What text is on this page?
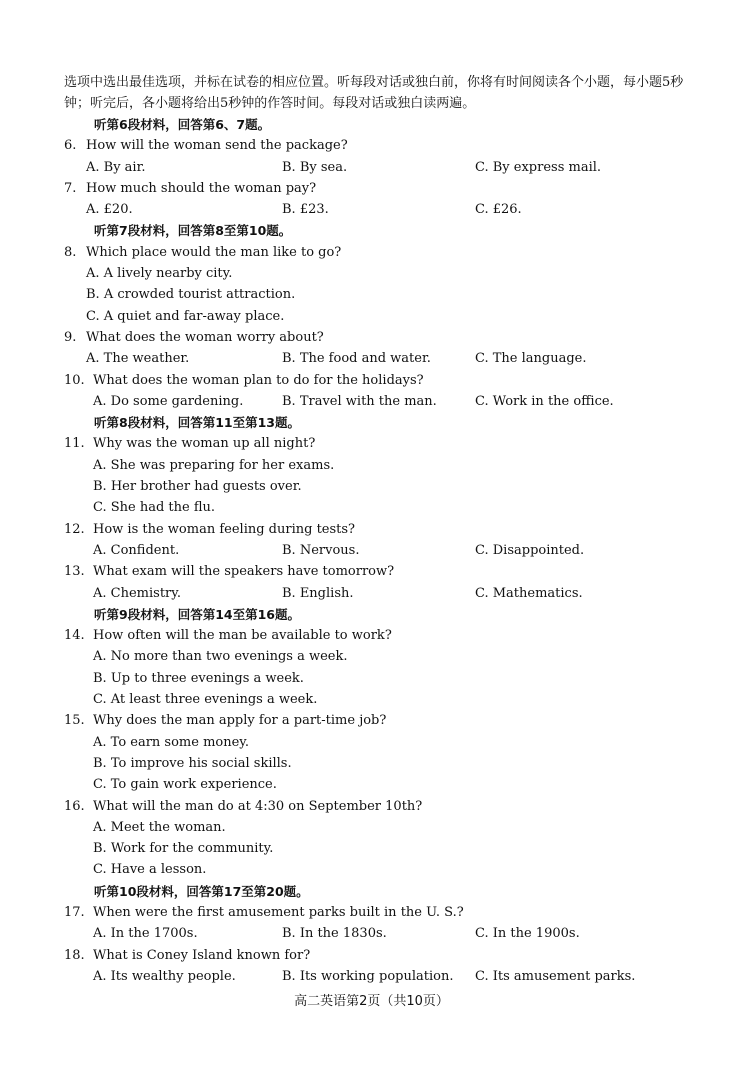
选项中选出最佳选项，并标在试卷的相应位置。听每段对话或独白前，你将有时间阅读各个小题，每小题5秒钟；听完后，各小题将给出5秒钟的作答时间。每段对话或独白读两遍。

听第6段材料，回答第6、7题。
6. How will the woman send the package?
A. By air.	B. By sea.	C. By express mail.
7. How much should the woman pay?
A. £20.	B. £23.	C. £26.
听第7段材料，回答第8至第10题。
8. Which place would the man like to go?
A. A lively nearby city.
B. A crowded tourist attraction.
C. A quiet and far-away place.
9. What does the woman worry about?
A. The weather.	B. The food and water.	C. The language.
10. What does the woman plan to do for the holidays?
A. Do some gardening.	B. Travel with the man.	C. Work in the office.
听第8段材料，回答第11至第13题。
11. Why was the woman up all night?
A. She was preparing for her exams.
B. Her brother had guests over.
C. She had the flu.
12. How is the woman feeling during tests?
A. Confident.	B. Nervous.	C. Disappointed.
13. What exam will the speakers have tomorrow?
A. Chemistry.	B. English.	C. Mathematics.
听第9段材料，回答第14至第16题。
14. How often will the man be available to work?
A. No more than two evenings a week.
B. Up to three evenings a week.
C. At least three evenings a week.
15. Why does the man apply for a part-time job?
A. To earn some money.
B. To improve his social skills.
C. To gain work experience.
16. What will the man do at 4:30 on September 10th?
A. Meet the woman.
B. Work for the community.
C. Have a lesson.
听第10段材料，回答第17至第20题。
17. When were the first amusement parks built in the U. S.?
A. In the 1700s.	B. In the 1830s.	C. In the 1900s.
18. What is Coney Island known for?
A. Its wealthy people.	B. Its working population. C. Its amusement parks.
高二英语第2页（共10页）
